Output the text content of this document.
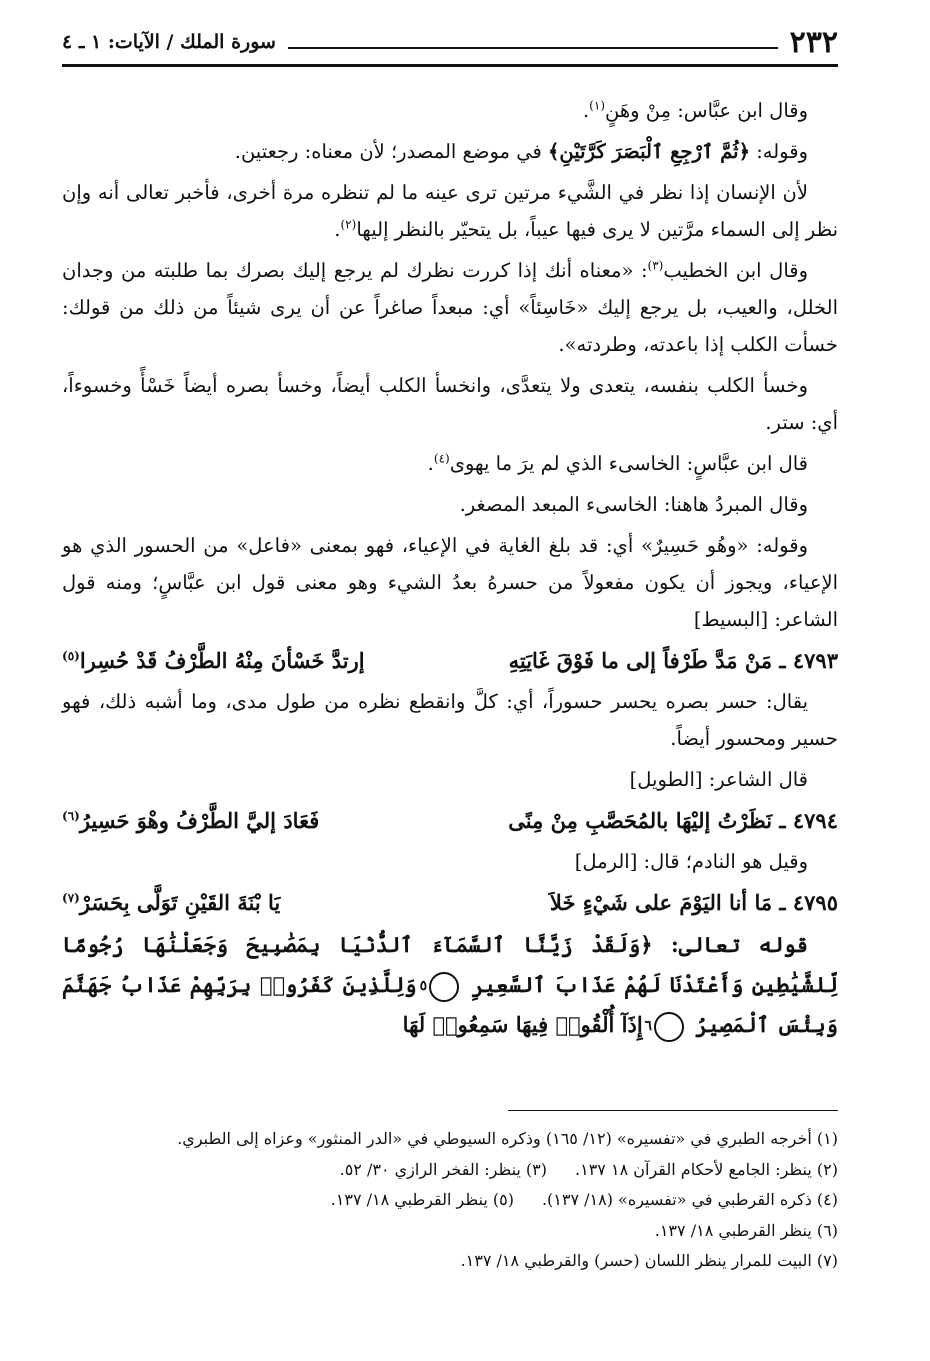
٢٣٢
سورة الملك / الآيات: ١ ـ ٤

وقال ابن عبَّاس: مِنْ وهَنٍ$^{(١)}$.

وقوله: ﴿ثُمَّ ٱرْجِعِ ٱلْبَصَرَ كَرَّتَيْنِ﴾ في موضع المصدر؛ لأن معناه: رجعتين.

لأن الإنسان إذا نظر في الشَّيء مرتين ترى عينه ما لم تنظره مرة أخرى، فأخبر تعالى أنه وإن نظر إلى السماء مرَّتين لا يرى فيها عيباً، بل يتحيّر بالنظر إليها$^{(٢)}$.

وقال ابن الخطيب$^{(٣)}$: «معناه أنك إذا كررت نظرك لم يرجع إليك بصرك بما طلبته من وجدان الخلل، والعيب، بل يرجع إليك «خَاسِئاً» أي: مبعداً صاغراً عن أن يرى شيئاً من ذلك من قولك: خسأت الكلب إذا باعدته، وطردته».

وخسأ الكلب بنفسه، يتعدى ولا يتعدَّى، وانخسأ الكلب أيضاً، وخسأ بصره أيضاً خَسْأً وخسوءاً، أي: ستر.

قال ابن عبَّاسٍ: الخاسىء الذي لم يرَ ما يهوى$^{(٤)}$.

وقال المبردُ هاهنا: الخاسىء المبعد المصغر.

وقوله: «وهُو حَسِيرٌ» أي: قد بلغ الغاية في الإعياء، فهو بمعنى «فاعل» من الحسور الذي هو الإعياء، ويجوز أن يكون مفعولاً من حسرهُ بعدُ الشيء وهو معنى قول ابن عبَّاسٍ؛ ومنه قول الشاعر: [البسيط]

٤٧٩٣ ـ مَنْ مَدَّ طَرْفاً إلى ما فَوْقَ غَايَتِهِ
إرتدَّ خَسْأنَ مِنْهُ الطَّرْفُ قَدْ حُسِرا$^{(٥)}$

يقال: حسر بصره يحسر حسوراً، أي: كلَّ وانقطع نظره من طول مدى، وما أشبه ذلك، فهو حسير ومحسور أيضاً.

قال الشاعر: [الطويل]

٤٧٩٤ ـ نَظَرْتُ إليْهَا بالمُحَصَّبِ مِنْ مِنًى
فَعَادَ إليَّ الطَّرْفُ وهْوَ حَسِيرُ$^{(٦)}$

وقيل هو النادم؛ قال: [الرمل]

٤٧٩٥ ـ مَا أنا اليَوْمَ على شَيْءٍ خَلاَ
يَا بْنَةَ القَيْنِ تَوَلَّى بِحَسَرْ$^{(٧)}$

قوله تعالى: ﴿وَلَقَدْ زَيَّنَّا ٱلسَّمَآءَ ٱلدُّنْيَا بِمَصَٰبِيحَ وَجَعَلْنَٰهَا رُجُومًا لِّلشَّيَٰطِينِ وَأَعْتَدْنَا لَهُمْ عَذَابَ ٱلسَّعِيرِ ٥ وَلِلَّذِينَ كَفَرُوا۟ بِرَبِّهِمْ عَذَابُ جَهَنَّمَ وَبِئْسَ ٱلْمَصِيرُ ٦ إِذَآ أُلْقُوا۟ فِيهَا سَمِعُوا۟ لَهَا

(١) أخرجه الطبري في «تفسيره» (١٢/ ١٦٥) وذكره السيوطي في «الدر المنثور» وعزاه إلى الطبري.

(٢) ينظر: الجامع لأحكام القرآن ١٨ ١٣٧.(٣) ينظر: الفخر الرازي ٣٠/ ٥٢.

(٤) ذكره القرطبي في «تفسيره» (١٨/ ١٣٧).(٥) ينظر القرطبي ١٨/ ١٣٧.

(٦) ينظر القرطبي ١٨/ ١٣٧.

(٧) البيت للمرار ينظر اللسان (حسر) والقرطبي ١٨/ ١٣٧.
